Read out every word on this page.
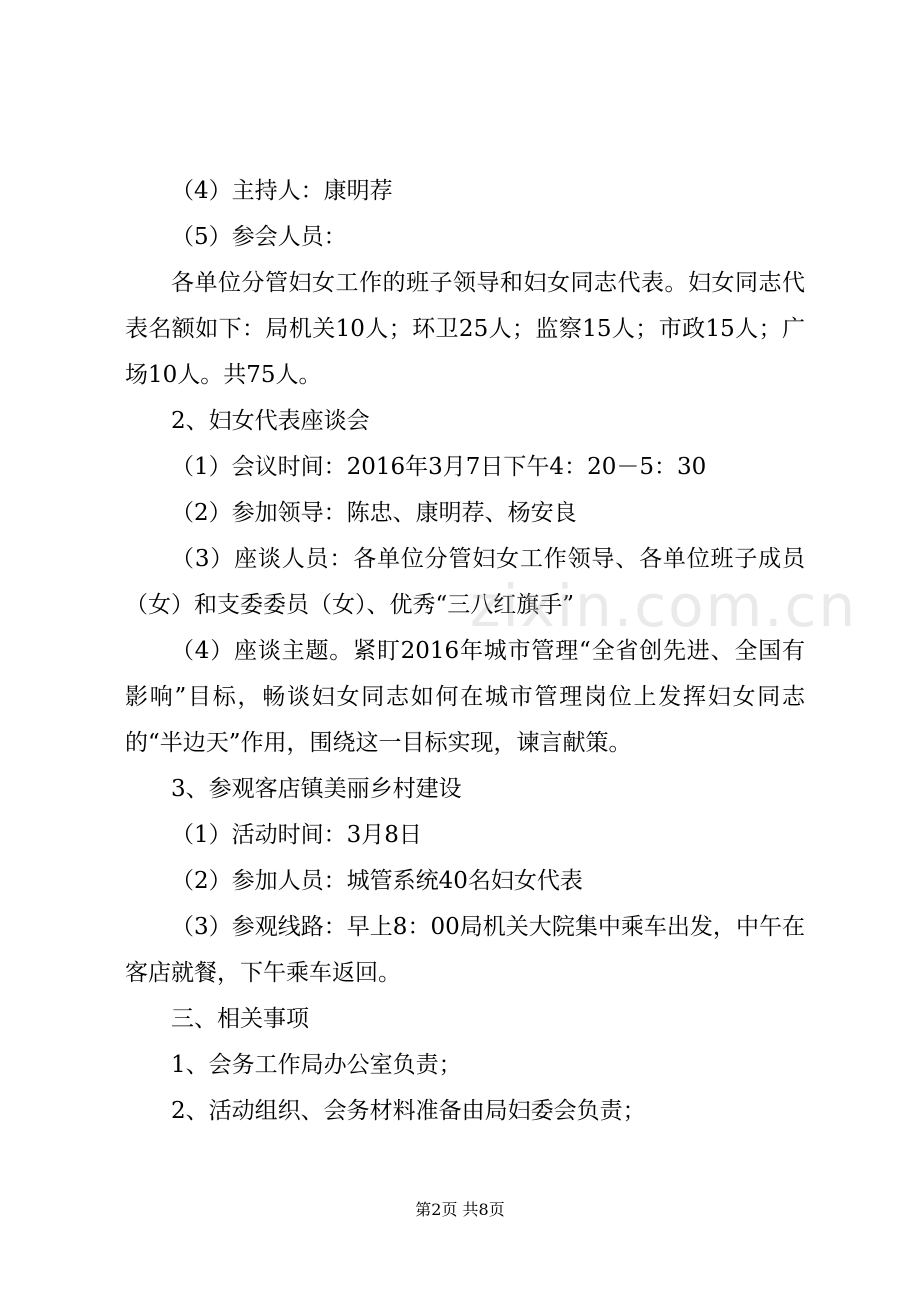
（4）主持人：康明荐

（5）参会人员：

各单位分管妇女工作的班子领导和妇女同志代表。妇女同志代表名额如下：局机关10人；环卫25人；监察15人；市政15人；广场10人。共75人。

2、妇女代表座谈会

（1）会议时间：2016年3月7日下午4：20－5：30

（2）参加领导：陈忠、康明荐、杨安良

（3）座谈人员：各单位分管妇女工作领导、各单位班子成员（女）和支委委员（女）、优秀“三八红旗手”

（4）座谈主题。紧盯2016年城市管理“全省创先进、全国有影响”目标，畅谈妇女同志如何在城市管理岗位上发挥妇女同志的“半边天”作用，围绕这一目标实现，谏言献策。

3、参观客店镇美丽乡村建设

（1）活动时间：3月8日

（2）参加人员：城管系统40名妇女代表

（3）参观线路：早上8：00局机关大院集中乘车出发，中午在客店就餐，下午乘车返回。

三、相关事项

1、会务工作局办公室负责；

2、活动组织、会务材料准备由局妇委会负责；

zixin.com.cn
第2页 共8页
